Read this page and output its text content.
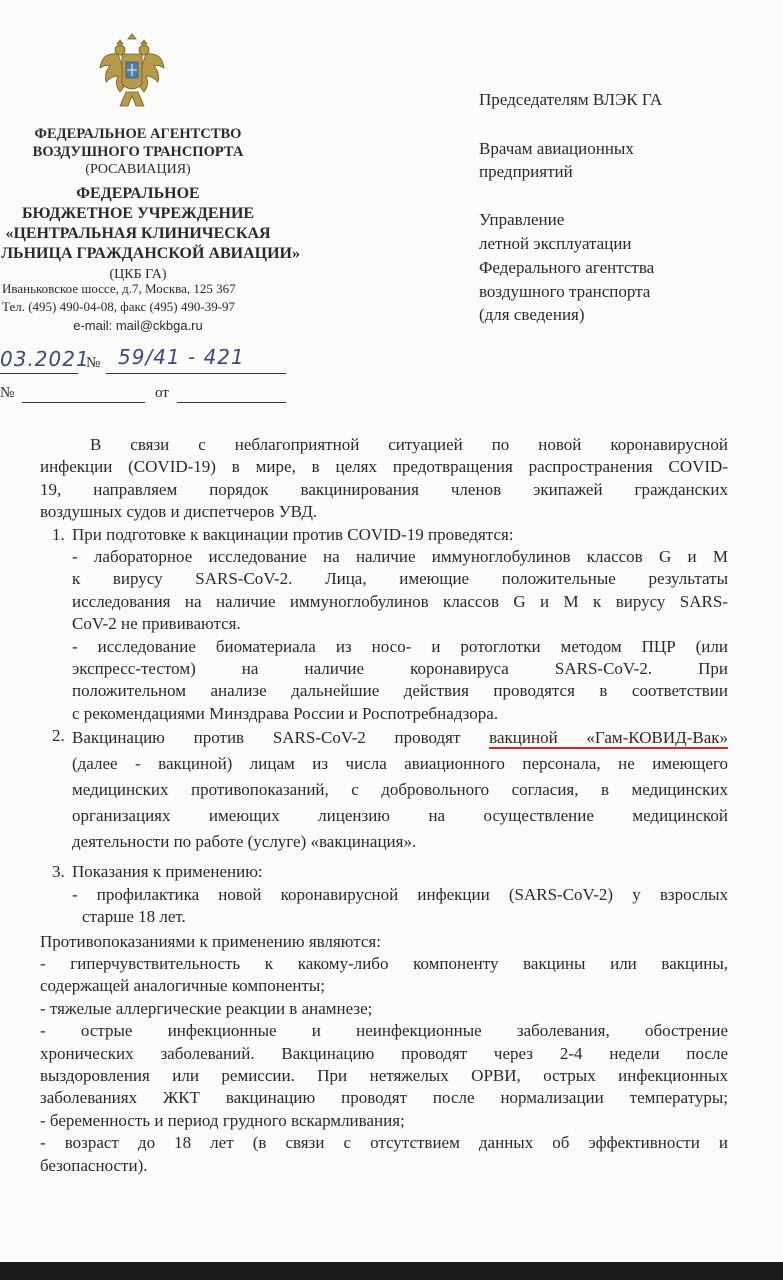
ФЕДЕРАЛЬНОЕ АГЕНТСТВО
ВОЗДУШНОГО ТРАНСПОРТА
(РОСАВИАЦИЯ)
ФЕДЕРАЛЬНОЕ
БЮДЖЕТНОЕ УЧРЕЖДЕНИЕ
«ЦЕНТРАЛЬНАЯ КЛИНИЧЕСКАЯ
ЛЬНИЦА ГРАЖДАНСКОЙ АВИАЦИИ»
(ЦКБ ГА)
Иваньковское шоссе, д.7, Москва, 125 367
Тел. (495) 490-04-08, факс (495) 490-39-97
e-mail: mail@ckbga.ru
Председателям ВЛЭК ГА
Врачам авиационных
предприятий
Управление
летной эксплуатации
Федерального агентства
воздушного транспорта
(для сведения)
03.2021
№ 59/41 - 421
№	от

В связи с неблагоприятной ситуацией по новой коронавирусной

инфекции (COVID-19) в мире, в целях предотвращения распространения COVID-

19, направляем порядок вакцинирования членов экипажей гражданских

воздушных судов и диспетчеров УВД.

1. При подготовке к вакцинации против COVID-19 проведятся:

- лабораторное исследование на наличие иммуноглобулинов классов G и M

к вирусу SARS-CoV-2. Лица, имеющие положительные результаты

исследования на наличие иммуноглобулинов классов G и M к вирусу SARS-

CoV-2 не прививаются.

- исследование биоматериала из носо- и ротоглотки методом ПЦР (или

экспресс-тестом) на наличие коронавируса SARS-CoV-2. При

положительном анализе дальнейшие действия проводятся в соответствии

с рекомендациями Минздрава России и Роспотребнадзора.

2. Вакцинацию против SARS-CoV-2 проводят вакциной «Гам-КОВИД-Вак»

(далее - вакциной) лицам из числа авиационного персонала, не имеющего

медицинских противопоказаний, с добровольного согласия, в медицинских

организациях имеющих лицензию на осуществление медицинской

деятельности по работе (услуге) «вакцинация».

3. Показания к применению:

- профилактика новой коронавирусной инфекции (SARS-CoV-2) у взрослых

старше 18 лет.

Противопоказаниями к применению являются:

- гиперчувствительность к какому-либо компоненту вакцины или вакцины,

содержащей аналогичные компоненты;

- тяжелые аллергические реакции в анамнезе;

- острые инфекционные и неинфекционные заболевания, обострение

хронических заболеваний. Вакцинацию проводят через 2-4 недели после

выздоровления или ремиссии. При нетяжелых ОРВИ, острых инфекционных

заболеваниях ЖКТ вакцинацию проводят после нормализации температуры;

- беременность и период грудного вскармливания;

- возраст до 18 лет (в связи с отсутствием данных об эффективности и

безопасности).
